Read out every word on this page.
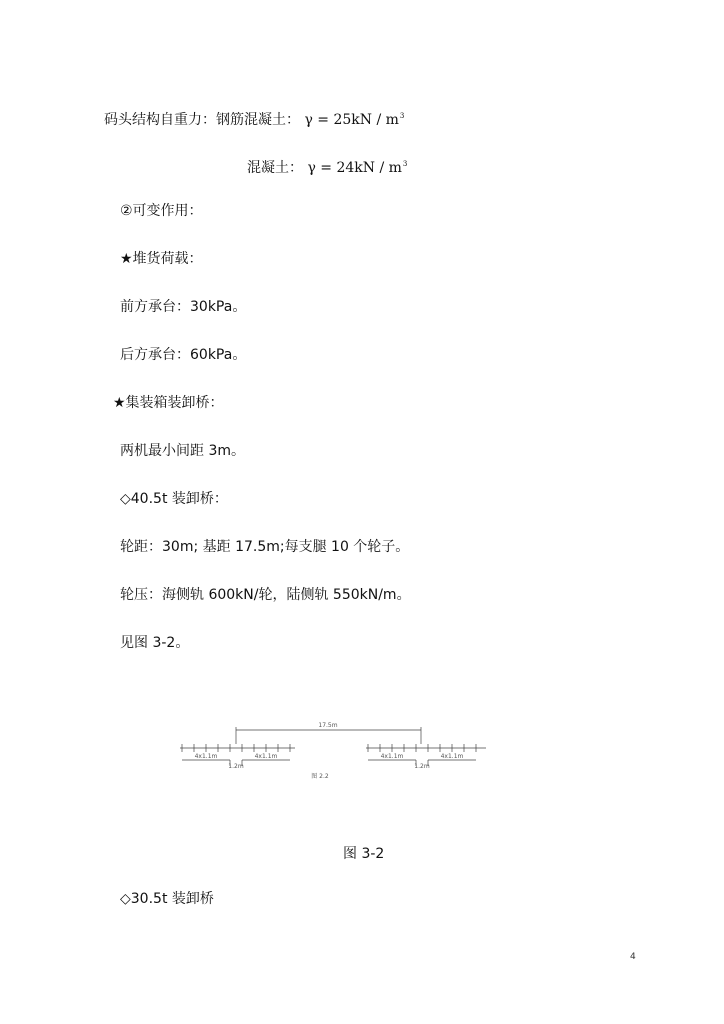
码头结构自重力：钢筋混凝土： $\gamma = 25kN / m^3$
混凝土： $\gamma = 24kN / m^3$
②可变作用：
★堆货荷载：
前方承台：30kPa。
后方承台：60kPa。
★集装箱装卸桥：
两机最小间距 3m。
◇40.5t 装卸桥：
轮距：30m; 基距 17.5m;每支腿 10 个轮子。
轮压：海侧轨 600kN/轮，陆侧轨 550kN/m。
见图 3-2。
17.5m
4x1.1m	4x1.1m	4x1.1m	4x1.1m
1.2m	1.2m
图 2.2
图 3-2
◇30.5t 装卸桥
4
